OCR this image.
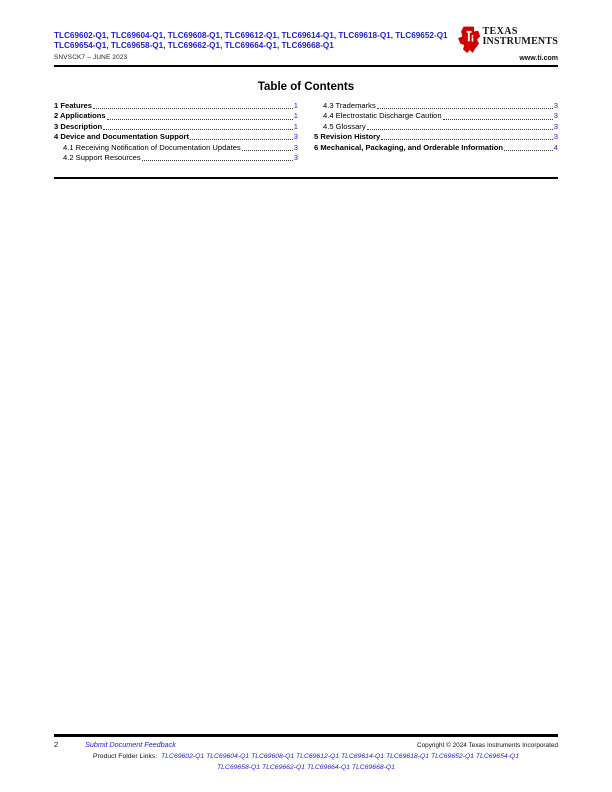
TLC69602-Q1, TLC69604-Q1, TLC69608-Q1, TLC69612-Q1, TLC69614-Q1, TLC69618-Q1, TLC69652-Q1
TLC69654-Q1, TLC69658-Q1, TLC69662-Q1, TLC69664-Q1, TLC69668-Q1
SNVSCK7 – JUNE 2023
TEXAS
INSTRUMENTS
www.ti.com
Table of Contents
1 Features	1
2 Applications	1
3 Description	1
4 Device and Documentation Support	3
4.1 Receiving Notification of Documentation Updates	3
4.2 Support Resources	3
4.3 Trademarks	3
4.4 Electrostatic Discharge Caution	3
4.5 Glossary	3
5 Revision History	3
6 Mechanical, Packaging, and Orderable Information	4
2	Submit Document Feedback	Copyright © 2024 Texas Instruments Incorporated
Product Folder Links: TLC69602-Q1 TLC69604-Q1 TLC69608-Q1 TLC69612-Q1 TLC69614-Q1 TLC69618-Q1 TLC69652-Q1 TLC69654-Q1
TLC69658-Q1 TLC69662-Q1 TLC69664-Q1 TLC69668-Q1
